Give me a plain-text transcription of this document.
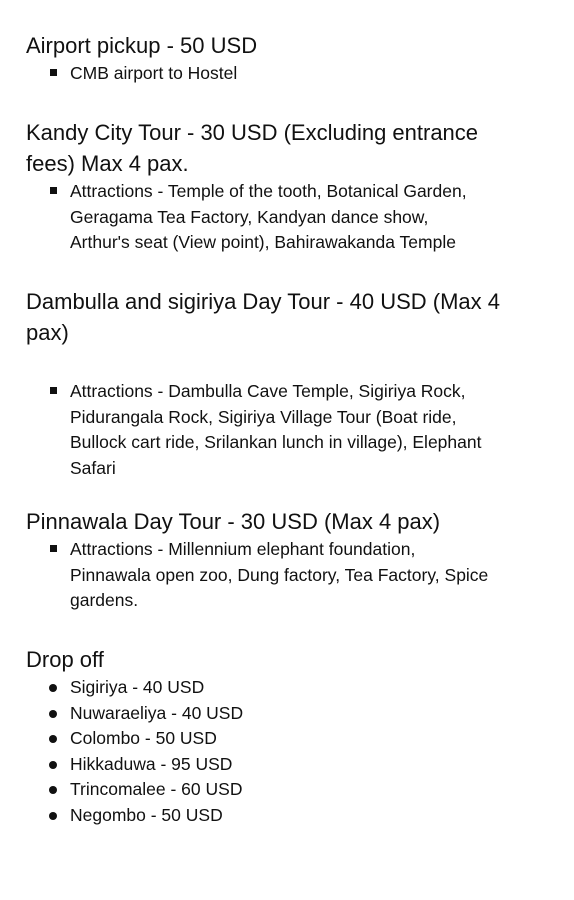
Airport pickup - 50 USD
CMB airport to Hostel
Kandy City Tour - 30 USD (Excluding entrance
fees) Max 4 pax.
Attractions - Temple of the tooth, Botanical Garden,
Geragama Tea Factory, Kandyan dance show,
Arthur's seat (View point), Bahirawakanda Temple
Dambulla and sigiriya Day Tour - 40 USD (Max 4
pax)
Attractions - Dambulla Cave Temple, Sigiriya Rock,
Pidurangala Rock, Sigiriya Village Tour (Boat ride,
Bullock cart ride, Srilankan lunch in village), Elephant
Safari
Pinnawala Day Tour - 30 USD (Max 4 pax)
Attractions - Millennium elephant foundation,
Pinnawala open zoo, Dung factory, Tea Factory, Spice
gardens.
Drop off
Sigiriya - 40 USD
Nuwaraeliya - 40 USD
Colombo - 50 USD
Hikkaduwa - 95 USD
Trincomalee - 60 USD
Negombo - 50 USD
